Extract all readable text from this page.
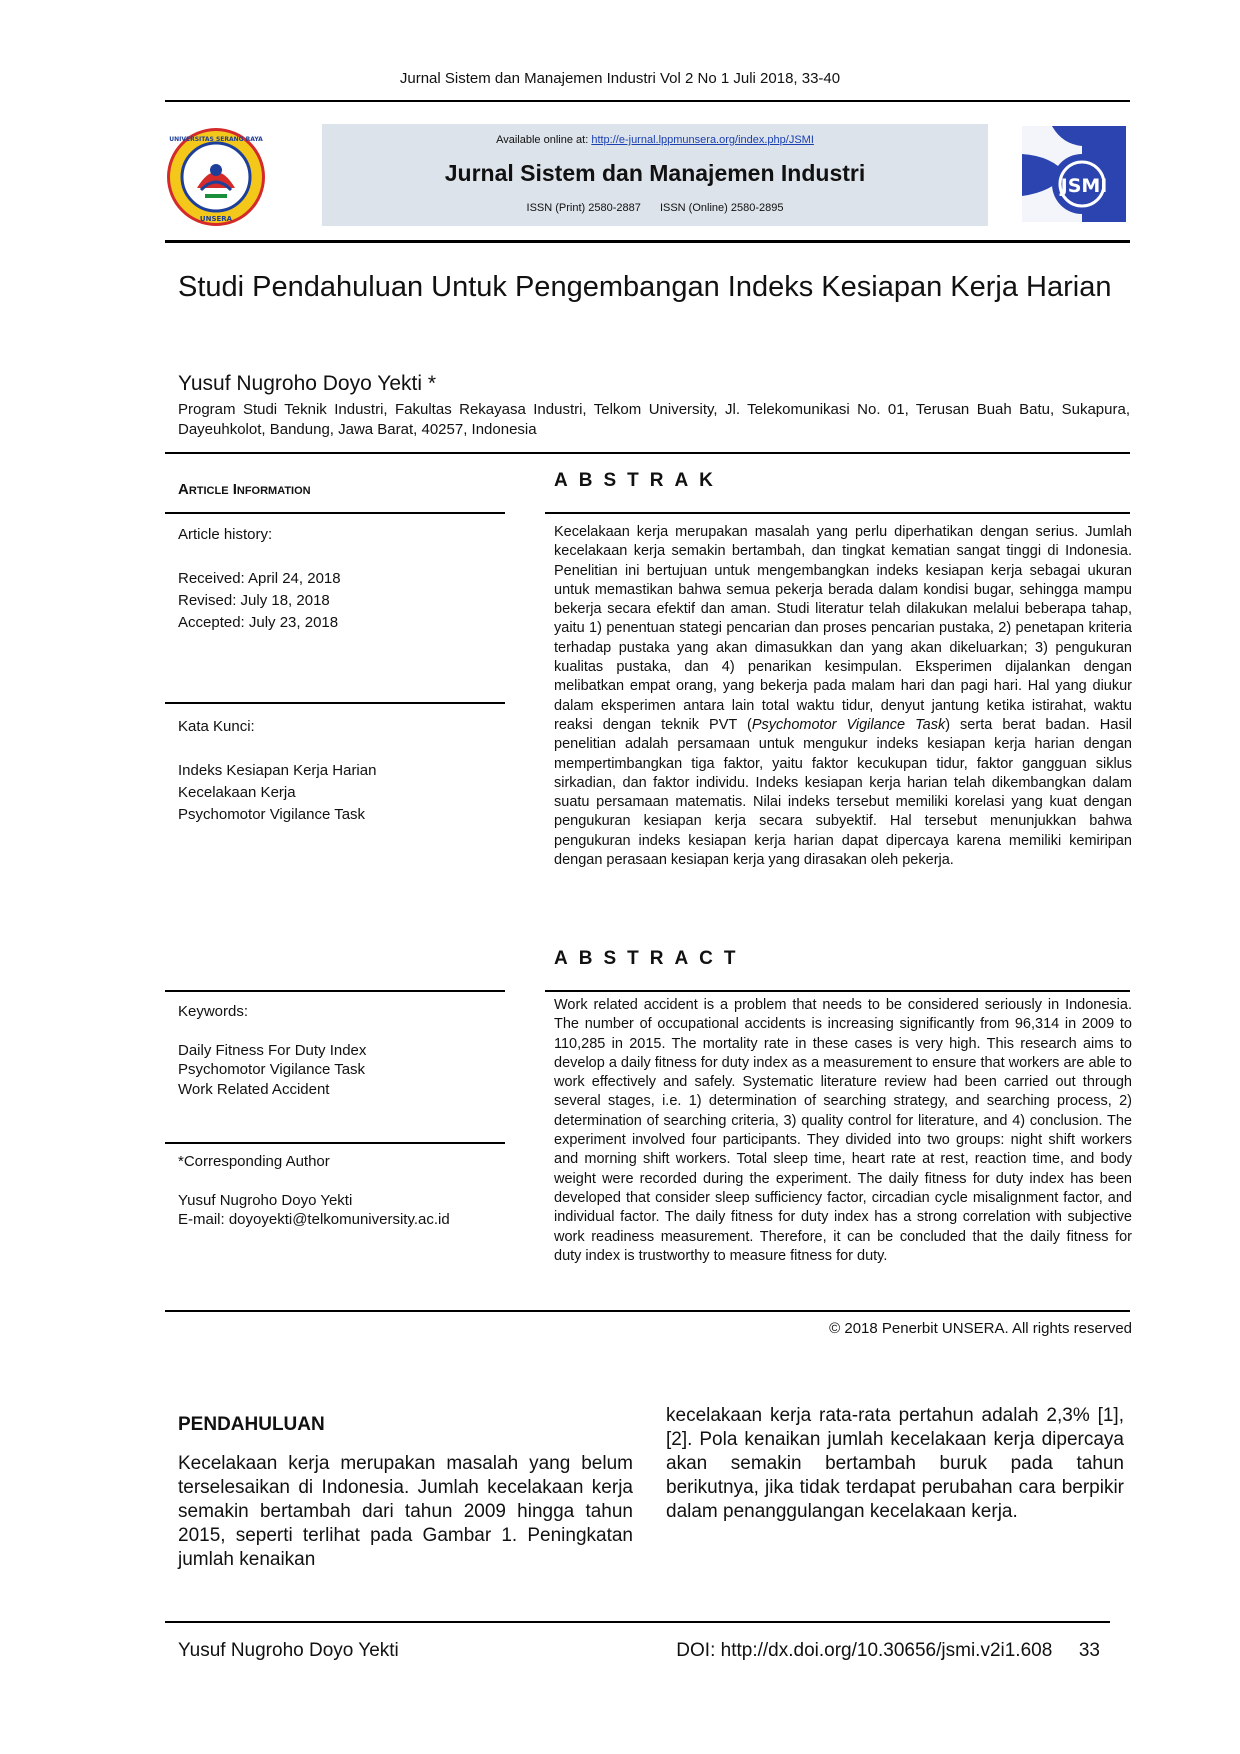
Jurnal Sistem dan Manajemen Industri Vol 2 No 1 Juli 2018, 33-40
UNIVERSITAS SERANG RAYA
UNSERA
Available online at: http://e-jurnal.lppmunsera.org/index.php/JSMI
Jurnal Sistem dan Manajemen Industri
ISSN (Print) 2580-2887 ISSN (Online) 2580-2895
JSMI
Studi Pendahuluan Untuk Pengembangan Indeks Kesiapan Kerja Harian
Yusuf Nugroho Doyo Yekti *
Program Studi Teknik Industri, Fakultas Rekayasa Industri, Telkom University, Jl. Telekomunikasi No. 01, Terusan Buah Batu, Sukapura, Dayeuhkolot, Bandung, Jawa Barat, 40257, Indonesia
Article Information

Article history:

Received: April 24, 2018

Revised: July 18, 2018

Accepted: July 23, 2018

Kata Kunci:

Indeks Kesiapan Kerja Harian

Kecelakaan Kerja

Psychomotor Vigilance Task

Keywords:

Daily Fitness For Duty Index

Psychomotor Vigilance Task

Work Related Accident

*Corresponding Author

Yusuf Nugroho Doyo Yekti

E-mail: doyoyekti@telkomuniversity.ac.id

ABSTRAK
Kecelakaan kerja merupakan masalah yang perlu diperhatikan dengan serius. Jumlah kecelakaan kerja semakin bertambah, dan tingkat kematian sangat tinggi di Indonesia. Penelitian ini bertujuan untuk mengembangkan indeks kesiapan kerja sebagai ukuran untuk memastikan bahwa semua pekerja berada dalam kondisi bugar, sehingga mampu bekerja secara efektif dan aman. Studi literatur telah dilakukan melalui beberapa tahap, yaitu 1) penentuan stategi pencarian dan proses pencarian pustaka, 2) penetapan kriteria terhadap pustaka yang akan dimasukkan dan yang akan dikeluarkan; 3) pengukuran kualitas pustaka, dan 4) penarikan kesimpulan. Eksperimen dijalankan dengan melibatkan empat orang, yang bekerja pada malam hari dan pagi hari. Hal yang diukur dalam eksperimen antara lain total waktu tidur, denyut jantung ketika istirahat, waktu reaksi dengan teknik PVT (Psychomotor Vigilance Task) serta berat badan. Hasil penelitian adalah persamaan untuk mengukur indeks kesiapan kerja harian dengan mempertimbangkan tiga faktor, yaitu faktor kecukupan tidur, faktor gangguan siklus sirkadian, dan faktor individu. Indeks kesiapan kerja harian telah dikembangkan dalam suatu persamaan matematis. Nilai indeks tersebut memiliki korelasi yang kuat dengan pengukuran kesiapan kerja secara subyektif. Hal tersebut menunjukkan bahwa pengukuran indeks kesiapan kerja harian dapat dipercaya karena memiliki kemiripan dengan perasaan kesiapan kerja yang dirasakan oleh pekerja.
ABSTRACT
Work related accident is a problem that needs to be considered seriously in Indonesia. The number of occupational accidents is increasing significantly from 96,314 in 2009 to 110,285 in 2015. The mortality rate in these cases is very high. This research aims to develop a daily fitness for duty index as a measurement to ensure that workers are able to work effectively and safely. Systematic literature review had been carried out through several stages, i.e. 1) determination of searching strategy, and searching process, 2) determination of searching criteria, 3) quality control for literature, and 4) conclusion. The experiment involved four participants. They divided into two groups: night shift workers and morning shift workers. Total sleep time, heart rate at rest, reaction time, and body weight were recorded during the experiment. The daily fitness for duty index has been developed that consider sleep sufficiency factor, circadian cycle misalignment factor, and individual factor. The daily fitness for duty index has a strong correlation with subjective work readiness measurement. Therefore, it can be concluded that the daily fitness for duty index is trustworthy to measure fitness for duty.
© 2018 Penerbit UNSERA. All rights reserved
PENDAHULUAN
Kecelakaan kerja merupakan masalah yang belum terselesaikan di Indonesia. Jumlah kecelakaan kerja semakin bertambah dari tahun 2009 hingga tahun 2015, seperti terlihat pada Gambar 1. Peningkatan jumlah kenaikan
kecelakaan kerja rata-rata pertahun adalah 2,3% [1], [2]. Pola kenaikan jumlah kecelakaan kerja dipercaya akan semakin bertambah buruk pada tahun berikutnya, jika tidak terdapat perubahan cara berpikir dalam penanggulangan kecelakaan kerja.
Yusuf Nugroho Doyo Yekti	DOI: http://dx.doi.org/10.30656/jsmi.v2i1.608 33
